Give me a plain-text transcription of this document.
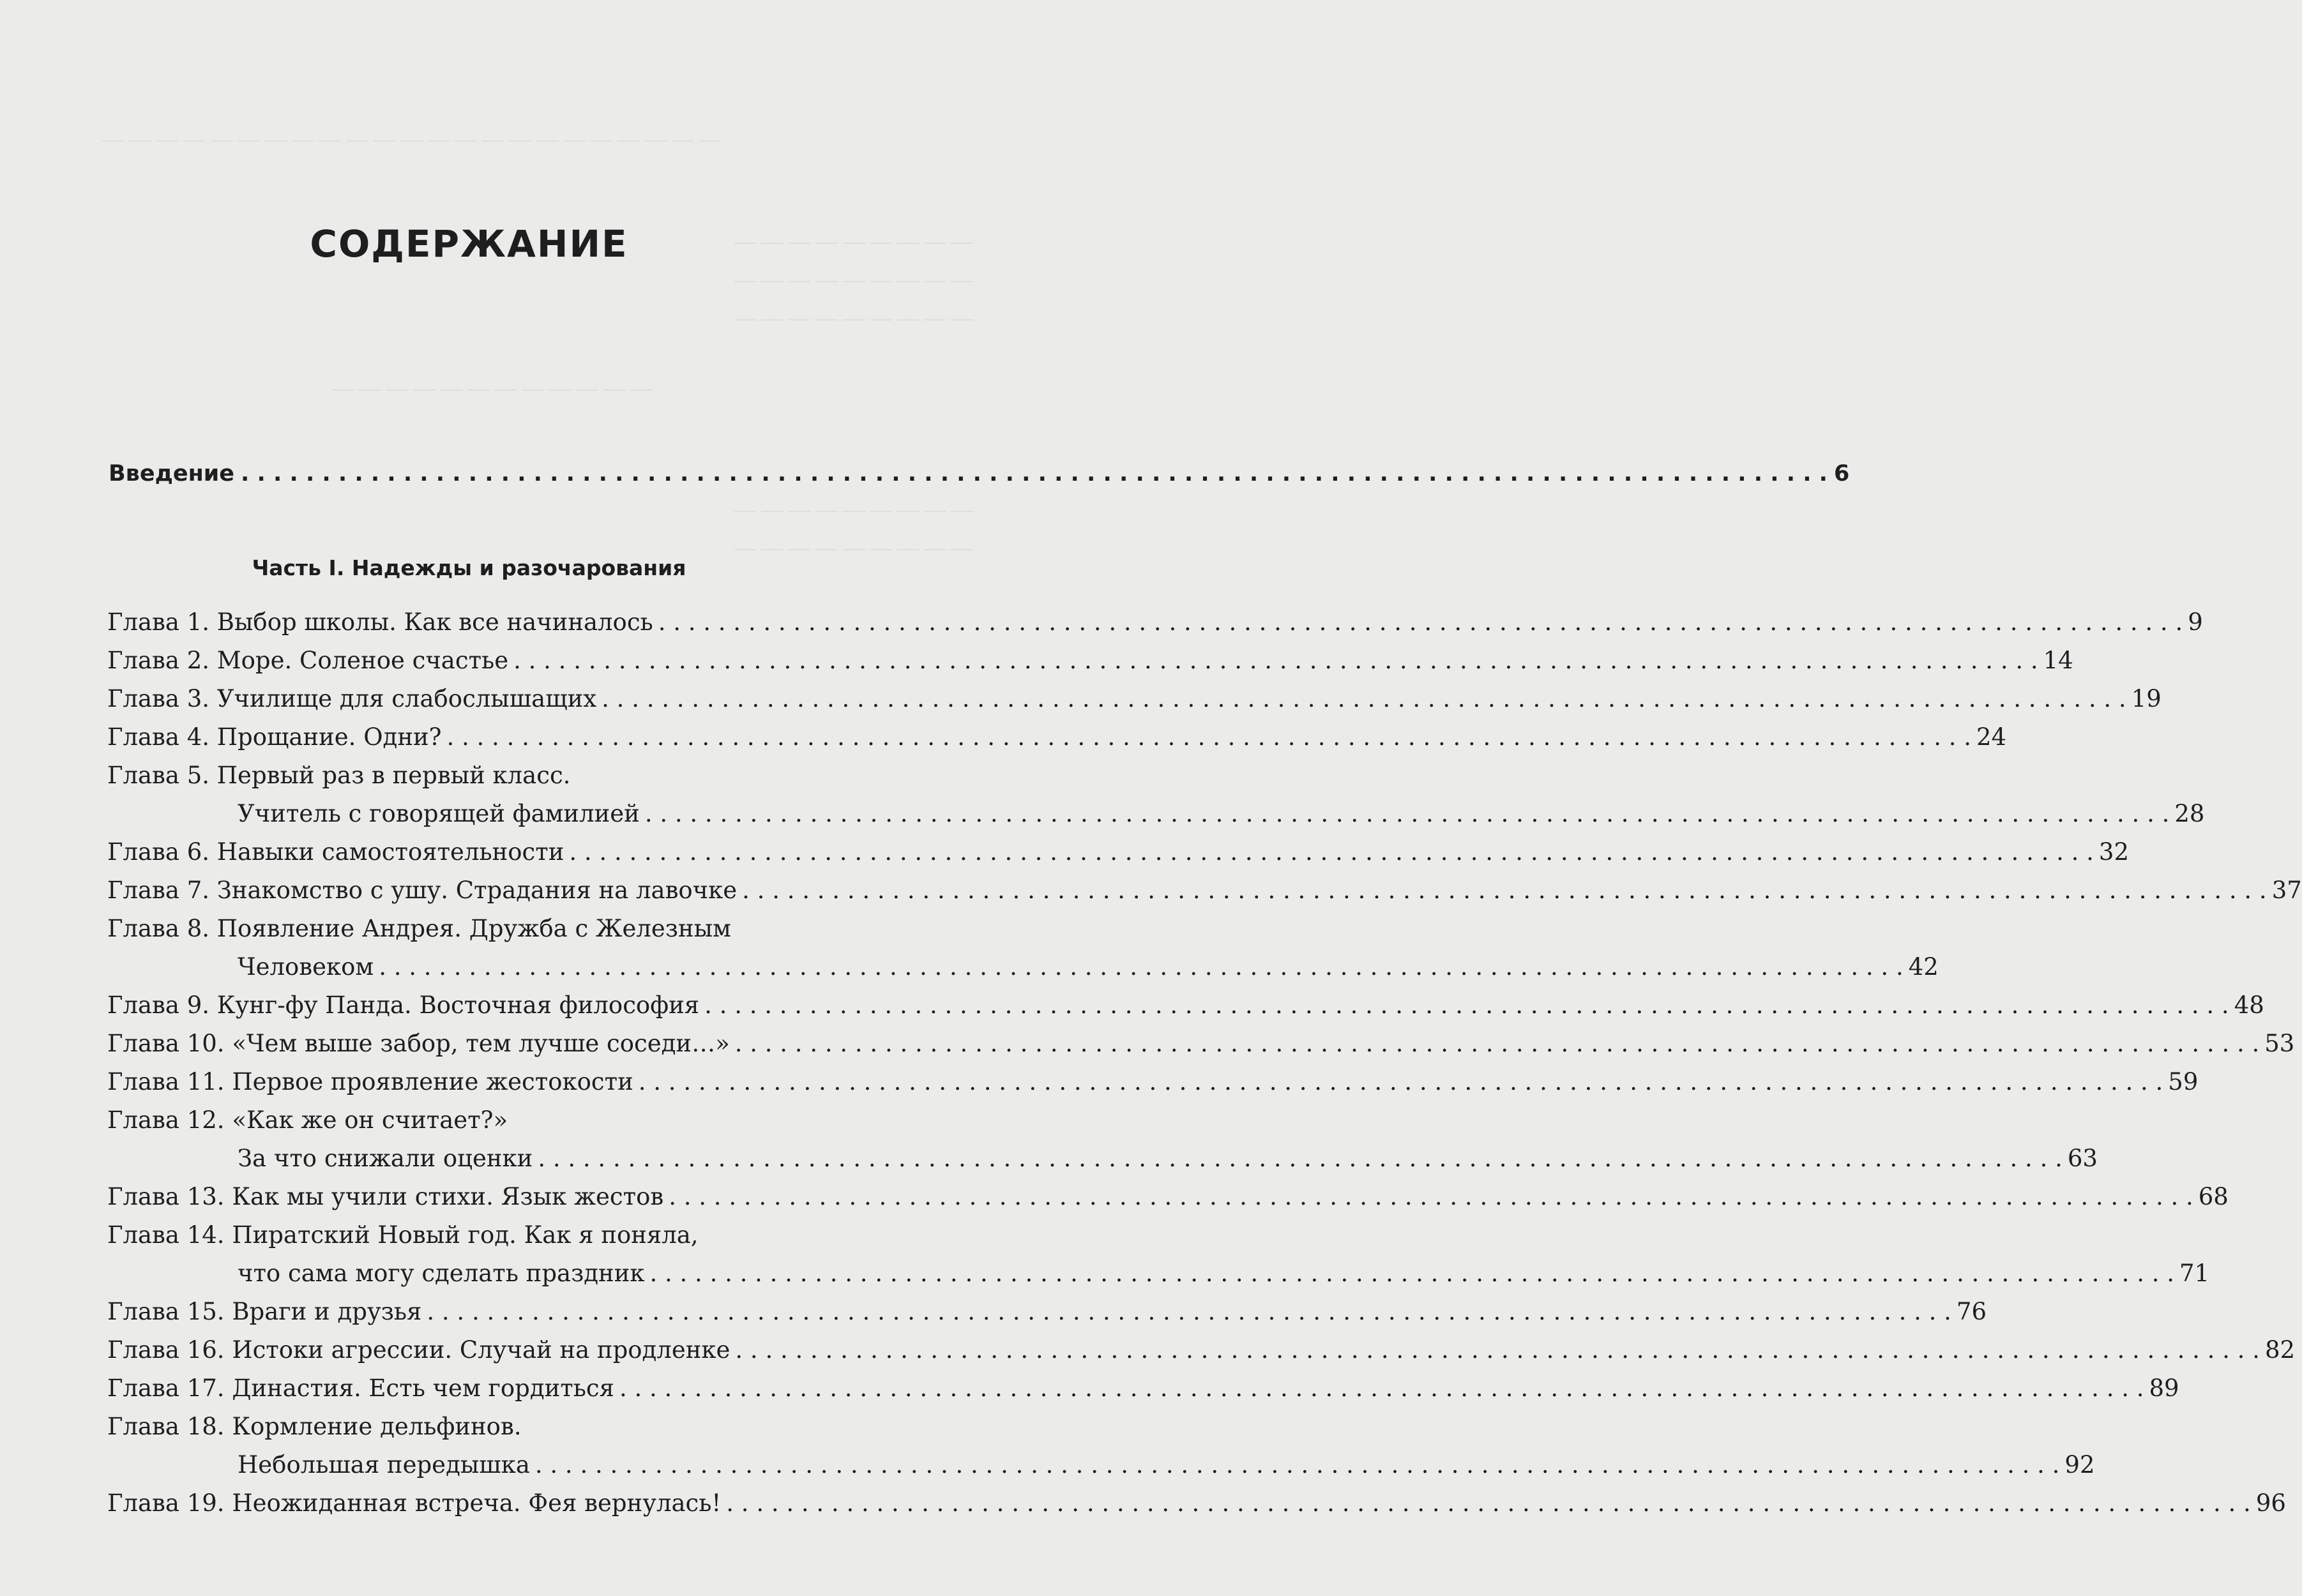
— — — — — — — — — — — — — — — — — — — — — — —
— — — — — — — — —
— — — — — — — — —
— — — — — — — — —
— — — — — — — — — — — —
— — — — — — — — —
— — — — — — — — —
СОДЕРЖАНИЕ
Введение . . .	6
Часть I. Надежды и разочарования
Глава 1. Выбор школы. Как все начиналось . . .	9
Глава 2. Море. Соленое счастье . . .	14
Глава 3. Училище для слабослышащих . . .	19
Глава 4. Прощание. Одни? . . .	24
Глава 5. Первый раз в первый класс.
Учитель с говорящей фамилией . . .	28
Глава 6. Навыки самостоятельности . . .	32
Глава 7. Знакомство с ушу. Страдания на лавочке . . .	37
Глава 8. Появление Андрея. Дружба с Железным
Человеком . . .	42
Глава 9. Кунг-фу Панда. Восточная философия . . .	48
Глава 10. «Чем выше забор, тем лучше соседи…» . . .	53
Глава 11. Первое проявление жестокости . . .	59
Глава 12. «Как же он считает?»
За что снижали оценки . . .	63
Глава 13. Как мы учили стихи. Язык жестов . . .	68
Глава 14. Пиратский Новый год. Как я поняла,
что сама могу сделать праздник . . .	71
Глава 15. Враги и друзья . . .	76
Глава 16. Истоки агрессии. Случай на продленке . . .	82
Глава 17. Династия. Есть чем гордиться . . .	89
Глава 18. Кормление дельфинов.
Небольшая передышка . . .	92
Глава 19. Неожиданная встреча. Фея вернулась! . . .	96
